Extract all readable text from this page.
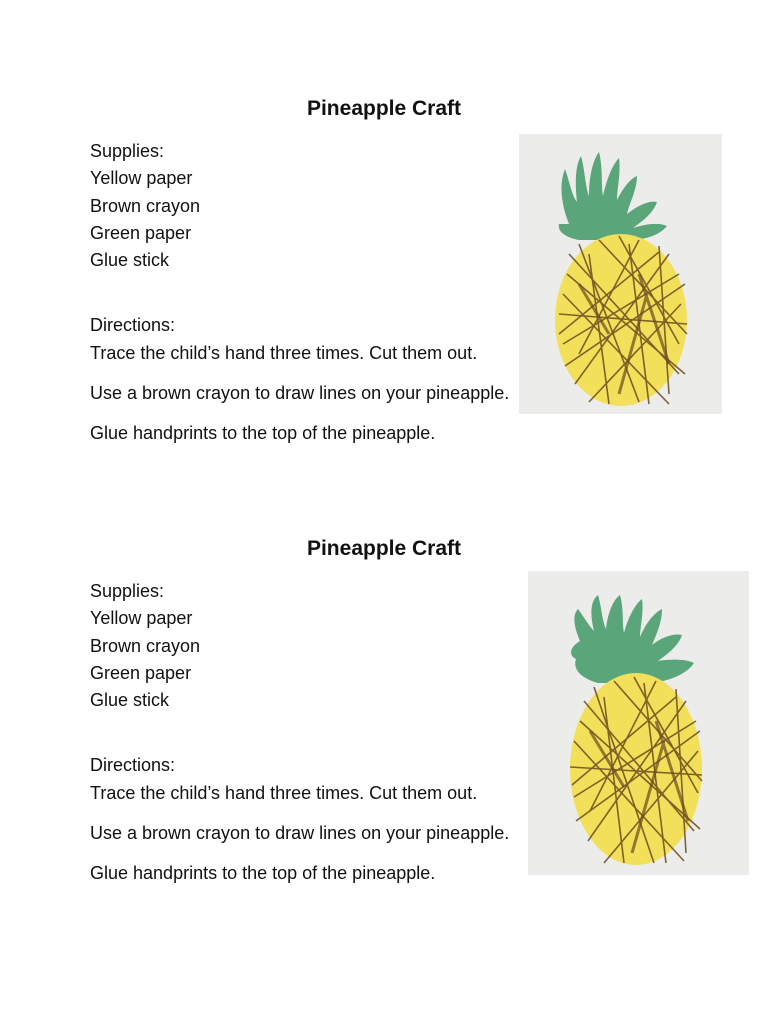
Pineapple Craft

Supplies:

Yellow paper
Brown crayon
Green paper
Glue stick

Directions:

Trace the child’s hand three times. Cut them out.

Use a brown crayon to draw lines on your pineapple.

Glue handprints to the top of the pineapple.

Pineapple Craft

Supplies:

Yellow paper
Brown crayon
Green paper
Glue stick

Directions:

Trace the child’s hand three times. Cut them out.

Use a brown crayon to draw lines on your pineapple.

Glue handprints to the top of the pineapple.
